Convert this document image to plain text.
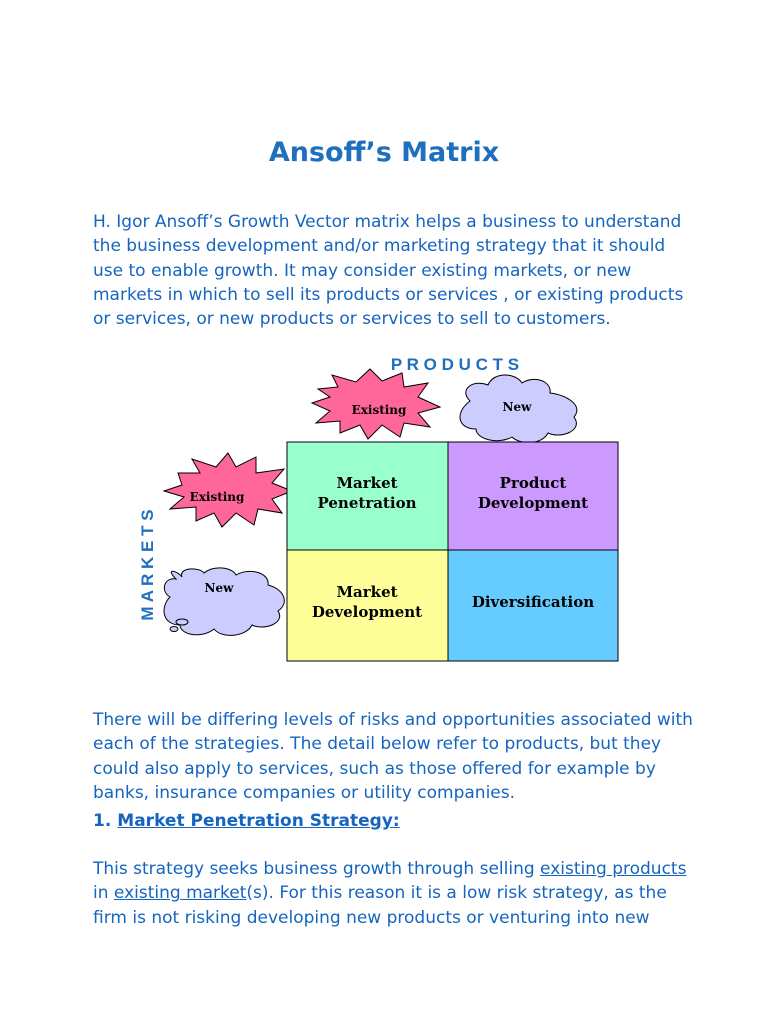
Ansoff’s Matrix
H. Igor Ansoff’s Growth Vector matrix helps a business to understand the business development and/or marketing strategy that it should use to enable growth. It may consider existing markets, or new markets in which to sell its products or services , or existing products or services, or new products or services to sell to customers.
P R O D U C T S
M A R K E T S
Existing	New
Existing
New
Market
Penetration
Product
Development
Market
Development
Diversification
There will be differing levels of risks and opportunities associated with each of the strategies. The detail below refer to products, but they could also apply to services, such as those offered for example by banks, insurance companies or utility companies.
1. Market Penetration Strategy:
This strategy seeks business growth through selling existing products in existing market(s). For this reason it is a low risk strategy, as the firm is not risking developing new products or venturing into new
